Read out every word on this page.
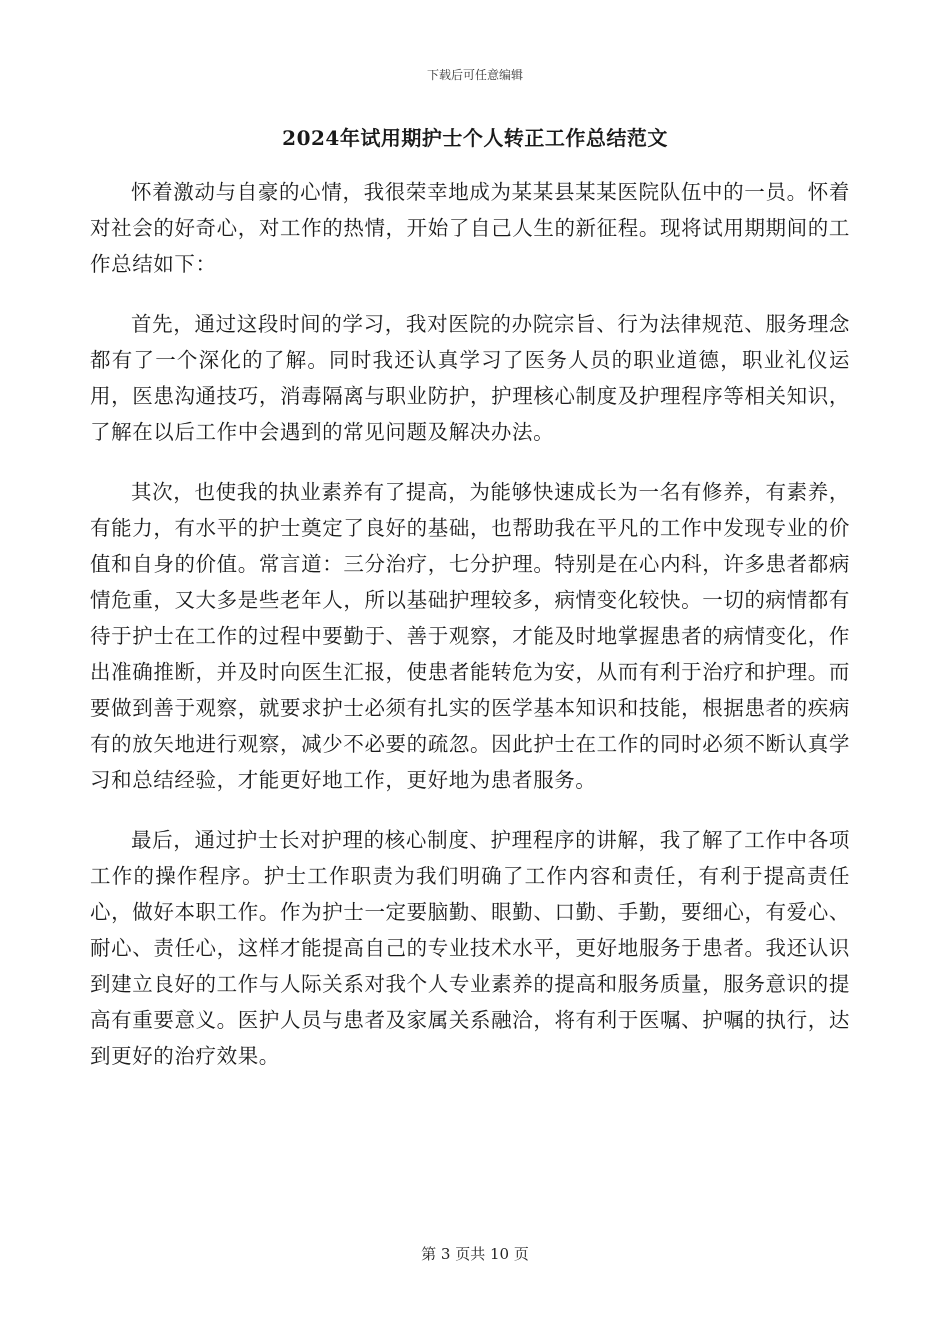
下载后可任意编辑
2024年试用期护士个人转正工作总结范文

怀着激动与自豪的心情，我很荣幸地成为某某县某某医院队伍中的一员。怀着对社会的好奇心，对工作的热情，开始了自己人生的新征程。现将试用期期间的工作总结如下：

首先，通过这段时间的学习，我对医院的办院宗旨、行为法律规范、服务理念都有了一个深化的了解。同时我还认真学习了医务人员的职业道德，职业礼仪运用，医患沟通技巧，消毒隔离与职业防护，护理核心制度及护理程序等相关知识，了解在以后工作中会遇到的常见问题及解决办法。

其次，也使我的执业素养有了提高，为能够快速成长为一名有修养，有素养，有能力，有水平的护士奠定了良好的基础，也帮助我在平凡的工作中发现专业的价值和自身的价值。常言道：三分治疗，七分护理。特别是在心内科，许多患者都病情危重，又大多是些老年人，所以基础护理较多，病情变化较快。一切的病情都有待于护士在工作的过程中要勤于、善于观察，才能及时地掌握患者的病情变化，作出准确推断，并及时向医生汇报，使患者能转危为安，从而有利于治疗和护理。而要做到善于观察，就要求护士必须有扎实的医学基本知识和技能，根据患者的疾病有的放矢地进行观察，减少不必要的疏忽。因此护士在工作的同时必须不断认真学习和总结经验，才能更好地工作，更好地为患者服务。

最后，通过护士长对护理的核心制度、护理程序的讲解，我了解了工作中各项工作的操作程序。护士工作职责为我们明确了工作内容和责任，有利于提高责任心，做好本职工作。作为护士一定要脑勤、眼勤、口勤、手勤，要细心，有爱心、耐心、责任心，这样才能提高自己的专业技术水平，更好地服务于患者。我还认识到建立良好的工作与人际关系对我个人专业素养的提高和服务质量，服务意识的提高有重要意义。医护人员与患者及家属关系融洽，将有利于医嘱、护嘱的执行，达到更好的治疗效果。

第 3 页共 10 页
